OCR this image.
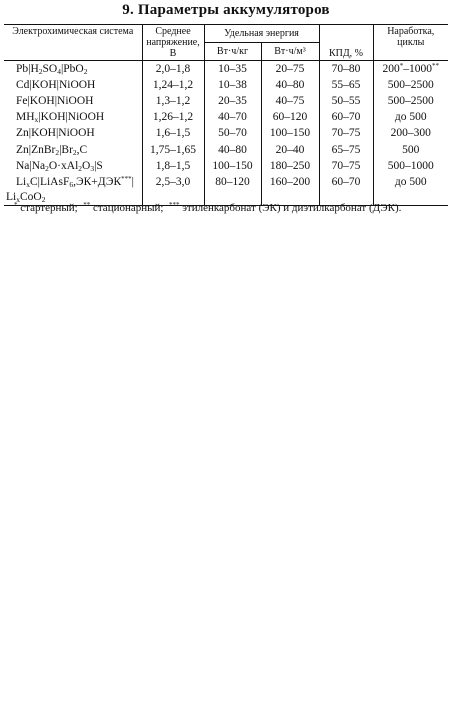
9. Параметры аккумуляторов
Электрохимическая система	Среднее напряжение, В	Удельная энергия		КПД, %	Наработка, циклы
		Вт·ч/кг	Вт·ч/м³		
$Pb|H_2SO_4|PbO_2$	2,0–1,8	10–35	20–75	70–80	200*–1000**
Cd|KOH|NiOOH	1,24–1,2	10–38	40–80	55–65	500–2500
Fe|KOH|NiOOH	1,3–1,2	20–35	40–75	50–55	500–2500
$MH_x|KOH|NiOOH$	1,26–1,2	40–70	60–120	60–70	до 500
Zn|KOH|NiOOH	1,6–1,5	50–70	100–150	70–75	200–300
$Zn|ZnBr_2|Br_2,C$	1,75–1,65	40–80	20–40	65–75	500
$Na|Na_2O\cdot xAl_2O_3|S$	1,8–1,5	100–150	180–250	70–75	500–1000
$Li_xC|LiAsF_6,ЭК+ДЭК^{***}|$
$Li_xCoO_2$	2,5–3,0	80–120	160–200	60–70	до 500
* стартерный; ** стационарный; *** этиленкарбонат (ЭК) и диэтилкарбонат (ДЭК).
